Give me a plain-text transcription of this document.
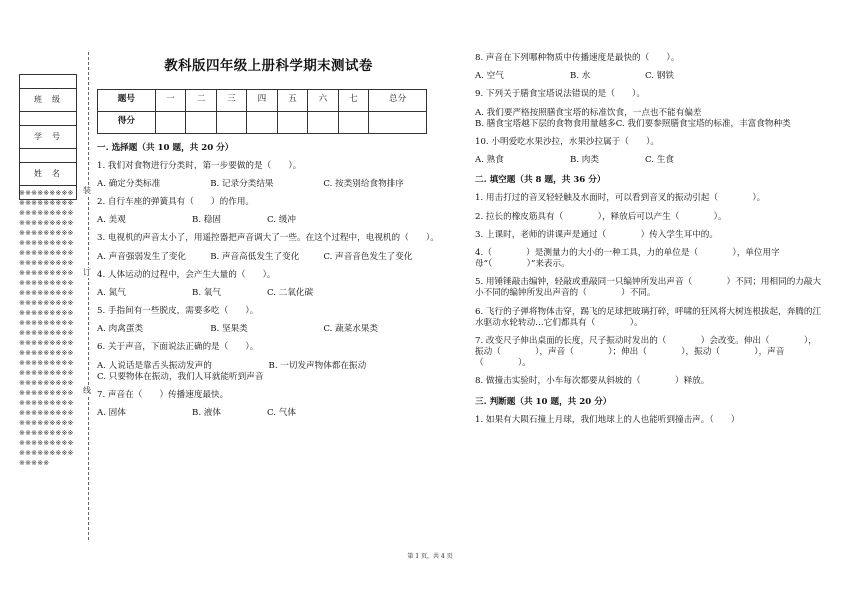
班级

学号

姓名

※※※※※※※※※※※※※※※※※※※※※※※※※※※※※※※※※※※※※※※※※※※※※※※※※※※※※※※※※※※※※※※※※※※※※※※※※※※※※※※※※※※※※※※※※※※※※※※※※※※※※※※※※※※※※※※※※※※※※※※※※※※※※※※※※※※※※※※※※※※※※※※※※※※※※※※※※※※※※※※※※※※※※※※※※※※※※※※※※※※※※※※※※※※※※※※※※※※※※※※※※※※※※※※※※※※※※※※※※※※※※※※※※※※※※※※※※※※※※※※※※※※※※※※※
装
订
线
教科版四年级上册科学期末测试卷
题号	一	二	三	四	五	六	七	总分
得分								
一. 选择题（共 10 题，共 20 分）
1. 我们对食物进行分类时，第一步要做的是（　　）。
A. 确定分类标准	B. 记录分类结果	C. 按类别给食物排序
2. 自行车座的弹簧具有（　　）的作用。
A. 美观	B. 稳固	C. 缓冲
3. 电视机的声音太小了，用遥控器把声音调大了一些。在这个过程中，电视机的（　　）。
A. 声音强弱发生了变化	B. 声音高低发生了变化	C. 声音音色发生了变化
4. 人体运动的过程中，会产生大量的（　　）。
A. 氮气	B. 氧气	C. 二氧化碳
5. 手指间有一些脱皮，需要多吃（　　）。
A. 肉禽蛋类	B. 坚果类	C. 蔬菜水果类
6. 关于声音，下面说法正确的是（　　）。
A. 人说话是靠舌头振动发声的	B. 一切发声物体都在振动
C. 只要物体在振动，我们人耳就能听到声音
7. 声音在（　　）传播速度最快。
A. 固体	B. 液体	C. 气体
8. 声音在下列哪种物质中传播速度是最快的（　　）。
A. 空气	B. 水	C. 钢铁
9. 下列关于膳食宝塔说法错误的是（　　）。
A. 我们要严格按照膳食宝塔的标准饮食，一点也不能有偏差
B. 膳食宝塔越下层的食物食用量越多 C. 我们要参照膳食宝塔的标准，丰富食物种类
10. 小明爱吃水果沙拉，水果沙拉属于（　　）。
A. 熟食	B. 肉类	C. 生食
二. 填空题（共 8 题，共 36 分）
1. 用击打过的音叉轻轻触及水面时，可以看到音叉的振动引起（　　　　）。
2. 拉长的橡皮筋具有（　　　　），释放后可以产生（　　　　）。
3. 上课时，老师的讲课声是通过（　　　　）传入学生耳中的。
4.（　　　　）是测量力的大小的一种工具，力的单位是（　　　　），单位用字母“（　　　　）”来表示。
5. 用锤锤敲击编钟，轻敲或重敲同一只编钟所发出声音（　　　　）不同；用相同的力敲大小不同的编钟所发出声音的（　　　　）不同。
6. 飞行的子弹将物体击穿，踢飞的足球把玻璃打碎，呼啸的狂风将大树连根拔起，奔腾的江水驱动水轮转动…它们都具有（　　　　）。
7. 改变尺子伸出桌面的长度，尺子振动时发出的（　　　　）会改变。伸出（　　　　），振动（　　　　），声音（　　　　）；伸出（　　　　），振动（　　　　），声音（　　　　）。
8. 做撞击实验时，小车每次都要从斜坡的（　　　　）释放。
三. 判断题（共 10 题，共 20 分）
1. 如果有大陨石撞上月球，我们地球上的人也能听到撞击声。（　　）
第 1 页，共 4 页
